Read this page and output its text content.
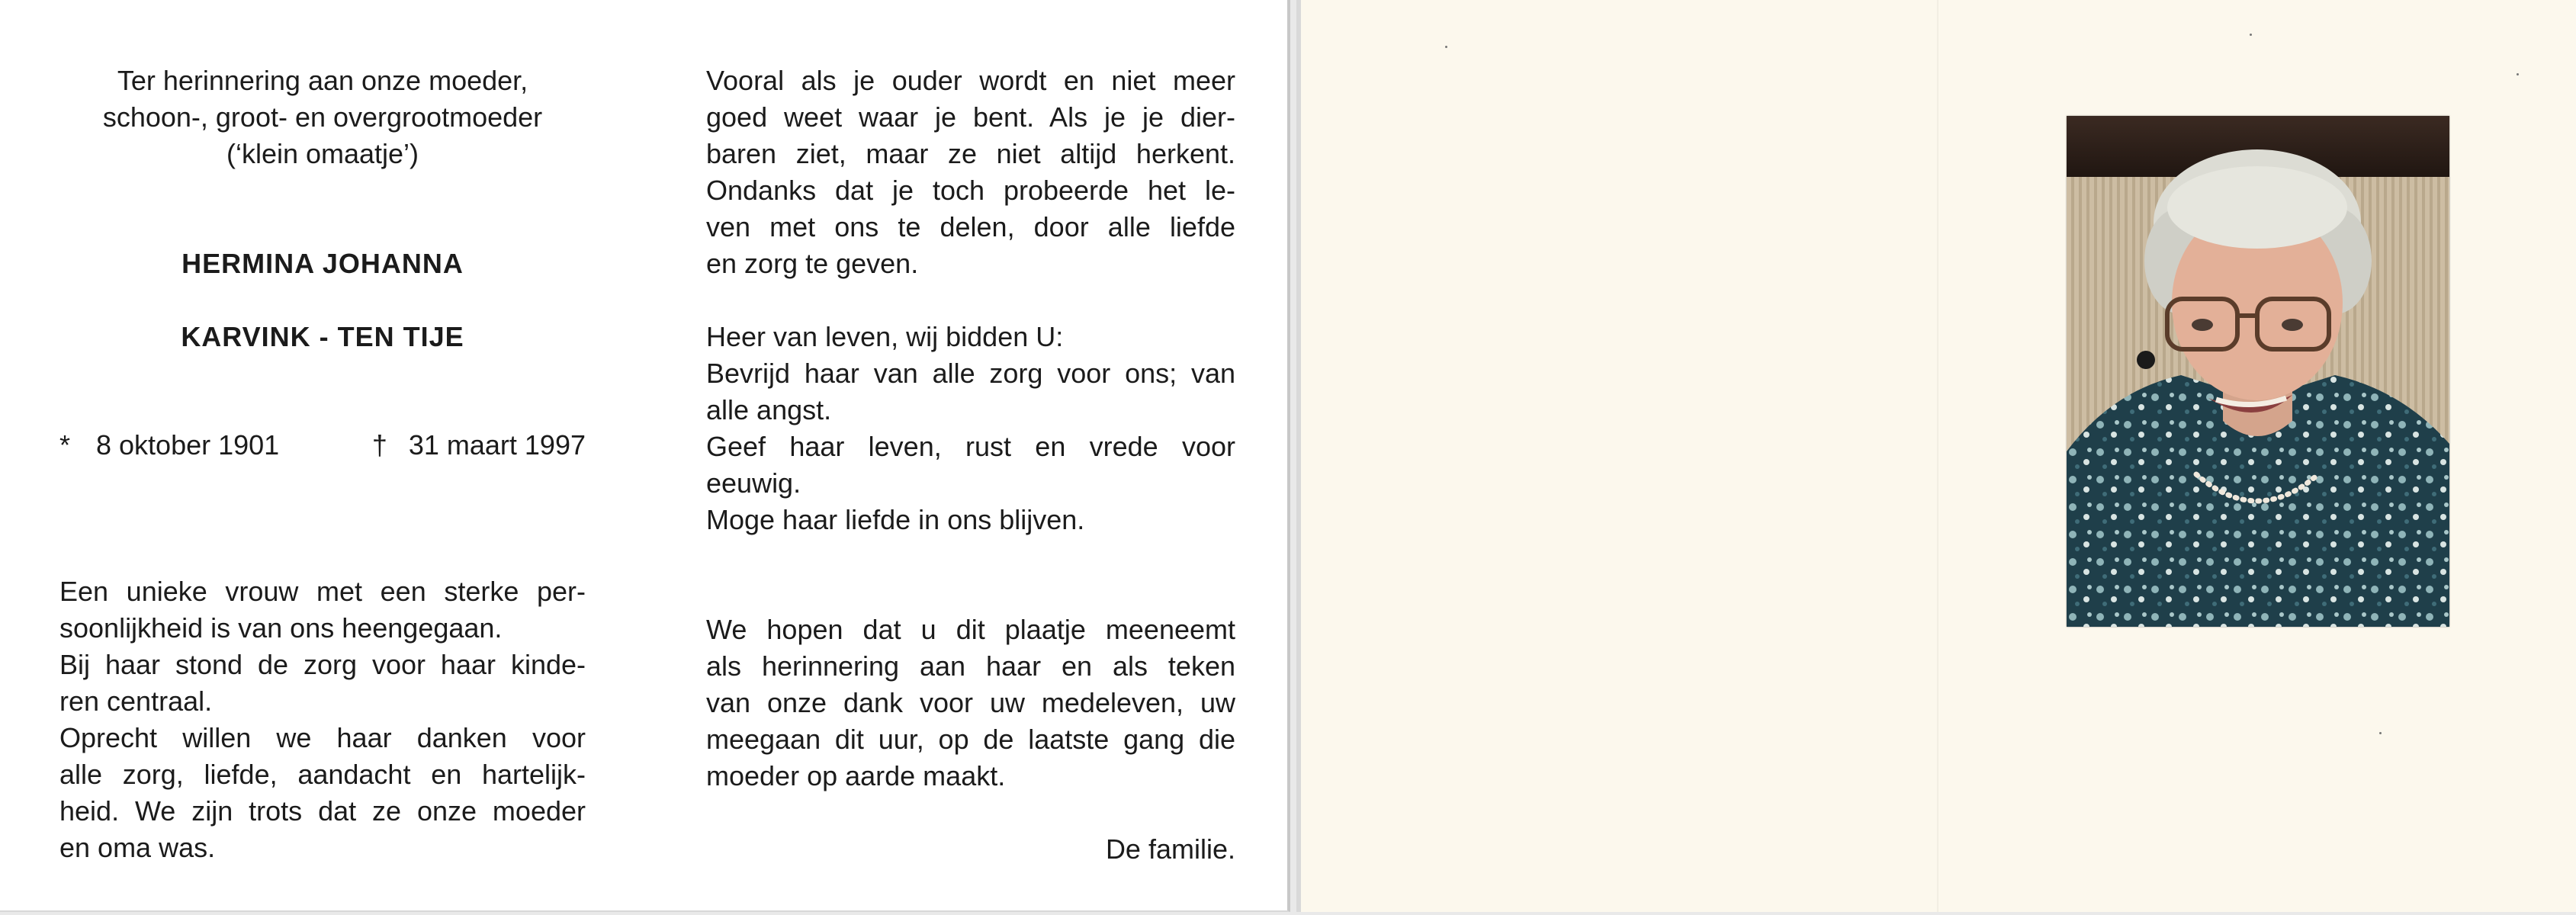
Ter herinnering aan onze moeder,
schoon-, groot- en overgrootmoeder
(‘klein omaatje’)
HERMINA JOHANNA
KARVINK - TEN TIJE
* 8 oktober 1901	† 31 maart 1997
Een unieke vrouw met een sterke per-
soonlijkheid is van ons heengegaan.
Bij haar stond de zorg voor haar kinde-
ren centraal.
Oprecht willen we haar danken voor
alle zorg, liefde, aandacht en hartelijk-
heid. We zijn trots dat ze onze moeder
en oma was.
Vooral als je ouder wordt en niet meer
goed weet waar je bent. Als je je dier-
baren ziet, maar ze niet altijd herkent.
Ondanks dat je toch probeerde het le-
ven met ons te delen, door alle liefde
en zorg te geven.
Heer van leven, wij bidden U:
Bevrijd haar van alle zorg voor ons; van
alle angst.
Geef haar leven, rust en vrede voor
eeuwig.
Moge haar liefde in ons blijven.
We hopen dat u dit plaatje meeneemt
als herinnering aan haar en als teken
van onze dank voor uw medeleven, uw
meegaan dit uur, op de laatste gang die
moeder op aarde maakt.
De familie.
